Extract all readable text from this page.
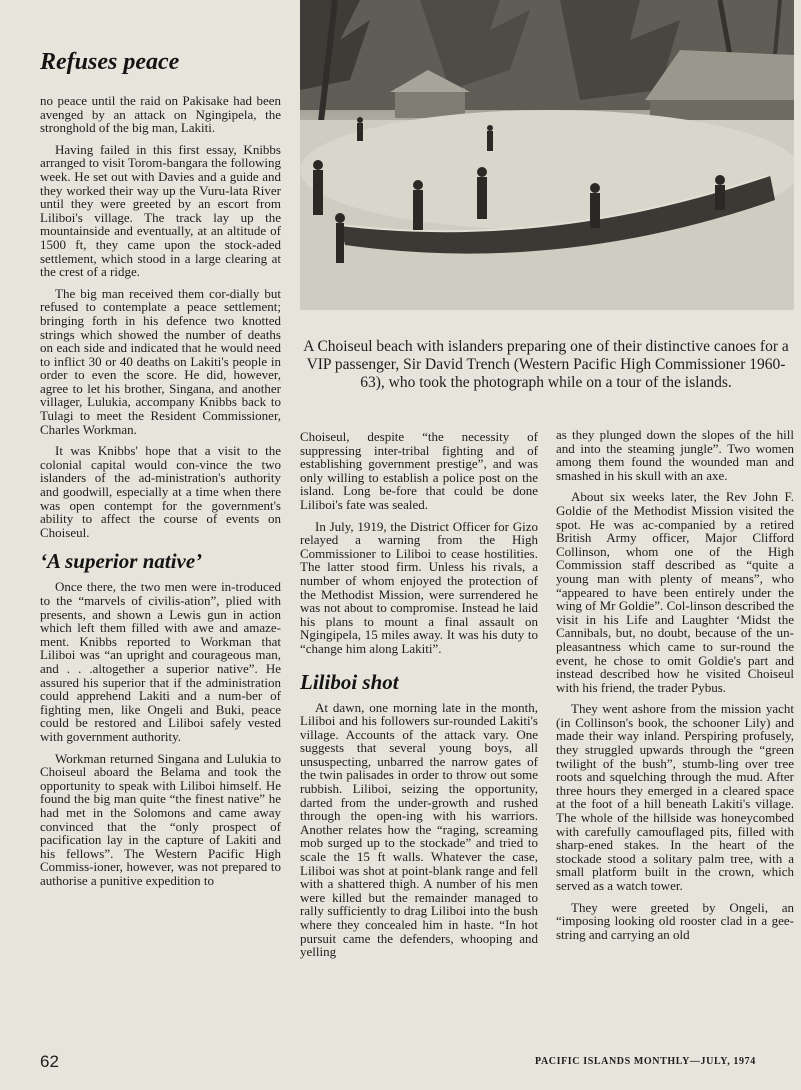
Refuses peace

no peace until the raid on Pakisake had been avenged by an attack on Ngingipela, the stronghold of the big man, Lakiti.

Having failed in this first essay, Knibbs arranged to visit Torom-bangara the following week. He set out with Davies and a guide and they worked their way up the Vuru-lata River until they were greeted by an escort from Liliboi's village. The track lay up the mountainside and eventually, at an altitude of 1500 ft, they came upon the stock-aded settlement, which stood in a large clearing at the crest of a ridge.

The big man received them cor-dially but refused to contemplate a peace settlement; bringing forth in his defence two knotted strings which showed the number of deaths on each side and indicated that he would need to inflict 30 or 40 deaths on Lakiti's people in order to even the score. He did, however, agree to let his brother, Singana, and another villager, Lulukia, accompany Knibbs back to Tulagi to meet the Resident Commissioner, Charles Workman.

It was Knibbs' hope that a visit to the colonial capital would con-vince the two islanders of the ad-ministration's authority and goodwill, especially at a time when there was open contempt for the government's ability to affect the course of events on Choiseul.

‘A superior native’

Once there, the two men were in-troduced to the “marvels of civilis-ation”, plied with presents, and shown a Lewis gun in action which left them filled with awe and amaze-ment. Knibbs reported to Workman that Liliboi was “an upright and courageous man, and . . .altogether a superior native”. He assured his superior that if the administration could apprehend Lakiti and a num-ber of fighting men, like Ongeli and Buki, peace could be restored and Liliboi safely vested with government authority.

Workman returned Singana and Lulukia to Choiseul aboard the Belama and took the opportunity to speak with Liliboi himself. He found the big man quite “the finest native” he had met in the Solomons and came away convinced that the “only prospect of pacification lay in the capture of Lakiti and his fellows”. The Western Pacific High Commiss-ioner, however, was not prepared to authorise a punitive expedition to

A Choiseul beach with islanders preparing one of their distinctive canoes for a VIP passenger, Sir David Trench (Western Pacific High Commissioner 1960-63), who took the photograph while on a tour of the islands.

Choiseul, despite “the necessity of suppressing inter-tribal fighting and of establishing government prestige”, and was only willing to establish a police post on the island. Long be-fore that could be done Liliboi's fate was sealed.

In July, 1919, the District Officer for Gizo relayed a warning from the High Commissioner to Liliboi to cease hostilities. The latter stood firm. Unless his rivals, a number of whom enjoyed the protection of the Methodist Mission, were surrendered he was not about to compromise. Instead he laid his plans to mount a final assault on Ngingipela, 15 miles away. It was his duty to “change him along Lakiti”.

Liliboi shot

At dawn, one morning late in the month, Liliboi and his followers sur-rounded Lakiti's village. Accounts of the attack vary. One suggests that several young boys, all unsuspecting, unbarred the narrow gates of the twin palisades in order to throw out some rubbish. Liliboi, seizing the opportunity, darted from the under-growth and rushed through the open-ing with his warriors. Another relates how the “raging, screaming mob surged up to the stockade” and tried to scale the 15 ft walls. Whatever the case, Liliboi was shot at point-blank range and fell with a shattered thigh. A number of his men were killed but the remainder managed to rally sufficiently to drag Liliboi into the bush where they concealed him in haste. “In hot pursuit came the defenders, whooping and yelling

as they plunged down the slopes of the hill and into the steaming jungle”. Two women among them found the wounded man and smashed in his skull with an axe.

About six weeks later, the Rev John F. Goldie of the Methodist Mission visited the spot. He was ac-companied by a retired British Army officer, Major Clifford Collinson, whom one of the High Commission staff described as “quite a young man with plenty of means”, who “appeared to have been entirely under the wing of Mr Goldie”. Col-linson described the visit in his Life and Laughter ‘Midst the Cannibals, but, no doubt, because of the un-pleasantness which came to sur-round the event, he chose to omit Goldie's part and instead described how he visited Choiseul with his friend, the trader Pybus.

They went ashore from the mission yacht (in Collinson's book, the schooner Lily) and made their way inland. Perspiring profusely, they struggled upwards through the “green twilight of the bush”, stumb-ling over tree roots and squelching through the mud. After three hours they emerged in a cleared space at the foot of a hill beneath Lakiti's village. The whole of the hillside was honeycombed with carefully camouflaged pits, filled with sharp-ened stakes. In the heart of the stockade stood a solitary palm tree, with a small platform built in the crown, which served as a watch tower.

They were greeted by Ongeli, an “imposing looking old rooster clad in a gee-string and carrying an old

62	PACIFIC ISLANDS MONTHLY—JULY, 1974
